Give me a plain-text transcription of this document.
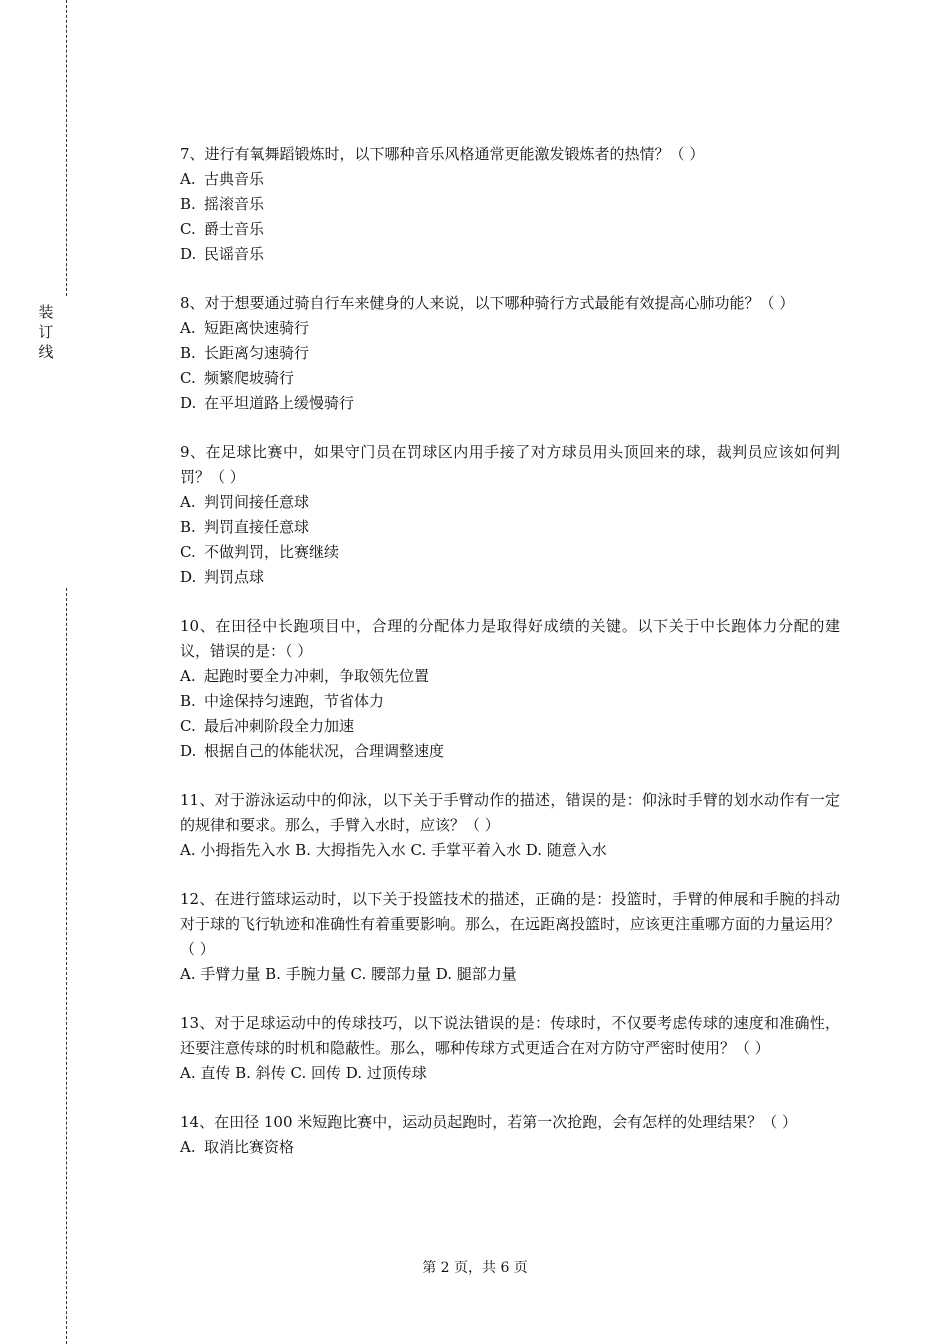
装
订
线
7、进行有氧舞蹈锻炼时，以下哪种音乐风格通常更能激发锻炼者的热情？（ ）
A. 古典音乐
B. 摇滚音乐
C. 爵士音乐
D. 民谣音乐
8、对于想要通过骑自行车来健身的人来说，以下哪种骑行方式最能有效提高心肺功能？（ ）
A. 短距离快速骑行
B. 长距离匀速骑行
C. 频繁爬坡骑行
D. 在平坦道路上缓慢骑行
9、在足球比赛中，如果守门员在罚球区内用手接了对方球员用头顶回来的球，裁判员应该如何判罚？（ ）
A. 判罚间接任意球
B. 判罚直接任意球
C. 不做判罚，比赛继续
D. 判罚点球
10、在田径中长跑项目中，合理的分配体力是取得好成绩的关键。以下关于中长跑体力分配的建议，错误的是：（ ）
A. 起跑时要全力冲刺，争取领先位置
B. 中途保持匀速跑，节省体力
C. 最后冲刺阶段全力加速
D. 根据自己的体能状况，合理调整速度
11、对于游泳运动中的仰泳，以下关于手臂动作的描述，错误的是：仰泳时手臂的划水动作有一定的规律和要求。那么，手臂入水时，应该？（ ）
A. 小拇指先入水 B. 大拇指先入水 C. 手掌平着入水 D. 随意入水
12、在进行篮球运动时，以下关于投篮技术的描述，正确的是：投篮时，手臂的伸展和手腕的抖动对于球的飞行轨迹和准确性有着重要影响。那么，在远距离投篮时，应该更注重哪方面的力量运用？（ ）
A. 手臂力量 B. 手腕力量 C. 腰部力量 D. 腿部力量
13、对于足球运动中的传球技巧，以下说法错误的是：传球时，不仅要考虑传球的速度和准确性，还要注意传球的时机和隐蔽性。那么，哪种传球方式更适合在对方防守严密时使用？（ ）
A. 直传 B. 斜传 C. 回传 D. 过顶传球
14、在田径 100 米短跑比赛中，运动员起跑时，若第一次抢跑，会有怎样的处理结果？（ ）
A. 取消比赛资格
第 2 页，共 6 页
